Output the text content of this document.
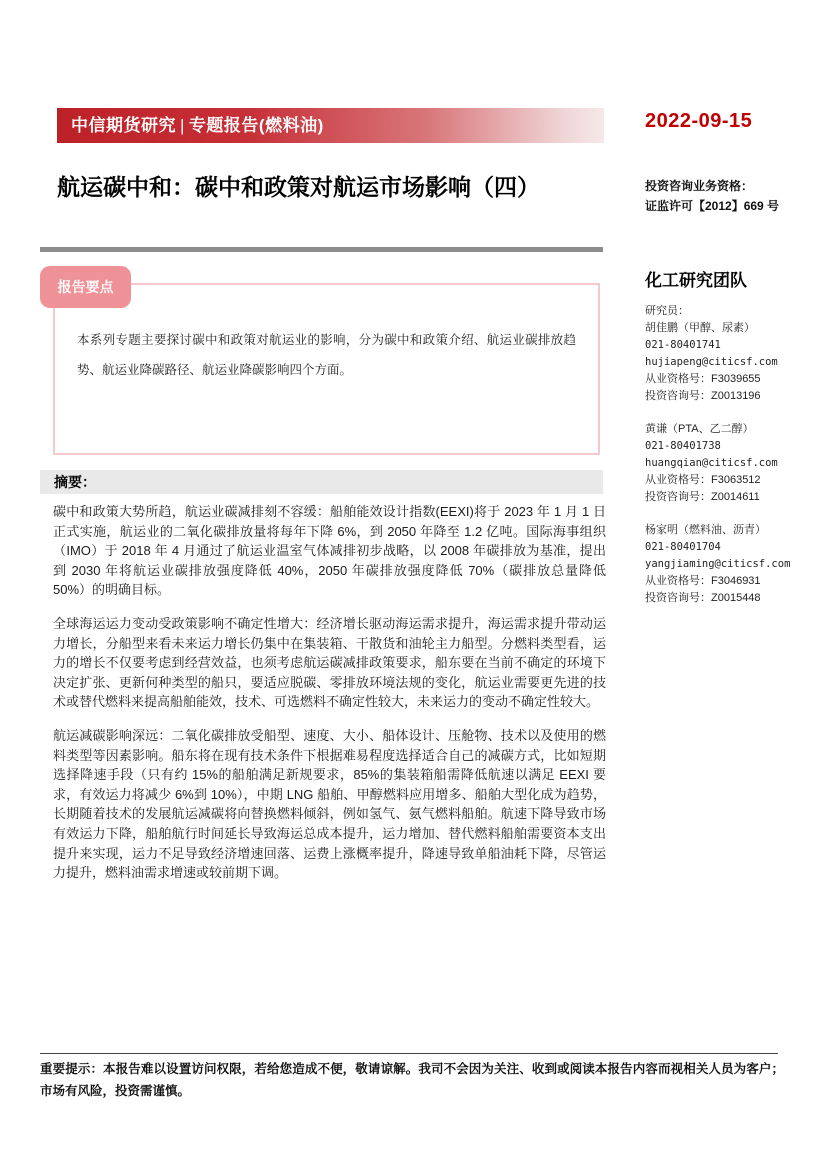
中信期货研究 | 专题报告(燃料油)	2022-09-15
航运碳中和：碳中和政策对航运市场影响（四）	投资咨询业务资格：
证监许可【2012】669 号
报告要点
本系列专题主要探讨碳中和政策对航运业的影响，分为碳中和政策介绍、航运业碳排放趋势、航运业降碳路径、航运业降碳影响四个方面。
摘要：

碳中和政策大势所趋，航运业碳减排刻不容缓：船舶能效设计指数(EEXI)将于 2023 年 1 月 1 日正式实施，航运业的二氧化碳排放量将每年下降 6%，到 2050 年降至 1.2 亿吨。国际海事组织（IMO）于 2018 年 4 月通过了航运业温室气体减排初步战略，以 2008 年碳排放为基准，提出到 2030 年将航运业碳排放强度降低 40%，2050 年碳排放强度降低 70%（碳排放总量降低 50%）的明确目标。

全球海运运力变动受政策影响不确定性增大：经济增长驱动海运需求提升，海运需求提升带动运力增长，分船型来看未来运力增长仍集中在集装箱、干散货和油轮主力船型。分燃料类型看，运力的增长不仅要考虑到经营效益，也须考虑航运碳减排政策要求，船东要在当前不确定的环境下决定扩张、更新何种类型的船只，要适应脱碳、零排放环境法规的变化，航运业需要更先进的技术或替代燃料来提高船舶能效，技术、可选燃料不确定性较大，未来运力的变动不确定性较大。

航运减碳影响深远：二氧化碳排放受船型、速度、大小、船体设计、压舱物、技术以及使用的燃料类型等因素影响。船东将在现有技术条件下根据难易程度选择适合自己的减碳方式，比如短期选择降速手段（只有约 15%的船舶满足新规要求，85%的集装箱船需降低航速以满足 EEXI 要求，有效运力将减少 6%到 10%），中期 LNG 船舶、甲醇燃料应用增多、船舶大型化成为趋势，长期随着技术的发展航运减碳将向替换燃料倾斜，例如氢气、氨气燃料船舶。航速下降导致市场有效运力下降，船舶航行时间延长导致海运总成本提升，运力增加、替代燃料船舶需要资本支出提升来实现，运力不足导致经济增速回落、运费上涨概率提升，降速导致单船油耗下降，尽管运力提升，燃料油需求增速或较前期下调。

化工研究团队
研究员：
胡佳鹏（甲醇、尿素）
021-80401741
hujiapeng@citicsf.com
从业资格号：F3039655
投资咨询号：Z0013196
黄谦（PTA、乙二醇）
021-80401738
huangqian@citicsf.com
从业资格号：F3063512
投资咨询号：Z0014611
杨家明（燃料油、沥青）
021-80401704
yangjiaming@citicsf.com
从业资格号：F3046931
投资咨询号：Z0015448
重要提示：本报告难以设置访问权限，若给您造成不便，敬请谅解。我司不会因为关注、收到或阅读本报告内容而视相关人员为客户；市场有风险，投资需谨慎。
